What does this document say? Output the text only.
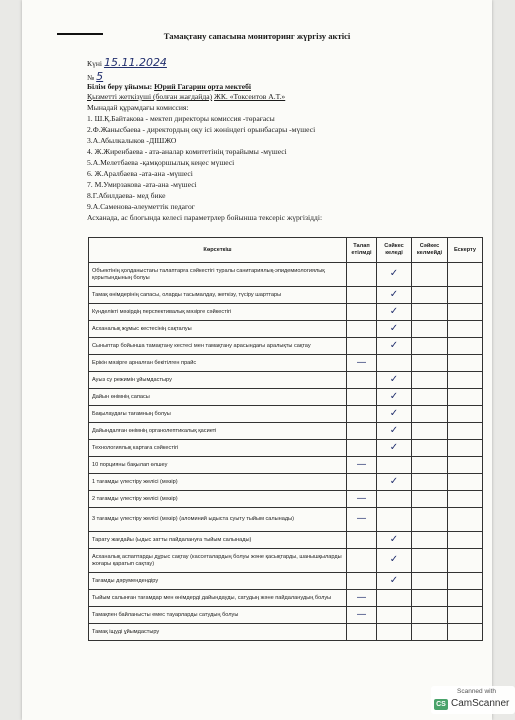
Тамақтану сапасына мониторинг жүргізу актісі
Күні 15.11.2024
№ 5
Білім беру ұйымы: Юрий Гагарин орта мектебі
Қызметті жеткізуші (болған жағдайда) ЖК. «Токсеитов А.Т.»
Мынадай құрамдағы комиссия:
1. Ш.Қ.Байтакова - мектеп директоры комиссия -төрағасы
2.Ф.Жаныcбаева - директордың оқу ісі жөніндегі орынбасары -мүшесі
3.А.Абылкалыков -ДІШЖО
4. Ж.Жиренбаева - ата-аналар комитетінің төрайымы -мүшесі
5.А.Мелетбаева -қамқоршылық кеңес мүшесі
6. Ж.Аралбаева -ата-ана -мүшесі
7. М.Умирзакова -ата-ана -мүшесі
8.Г.Абилдаева- мед бике
9.А.Саменова-әлеуметтік педагог
Асханада, ас блогында келесі параметрлер бойынша тексеріс жүргізідді:
Көрсеткіш	Талап етілмді	Сәйкес келеді	Сәйкес келмейді	Ескерту
Объектінің қолданыстағы талаптарға сәйкестігі туралы санитариялық-эпидемиологиялық қорытындының болуы		✓		
Тамақ өнімдерінің сапасы, оларды тасымалдау, жеткізу, түсіру шарттары		✓		
Күнделікті мәзірдің перспективалық мәзірге сәйкестігі		✓		
Асханалық жұмыс кестесінің сақталуы		✓		
Сыныптар бойынша тамақтану кестесі мен тамақтану арасындағы аралықты сақтау		✓		
Ерікін мәзірге арналған бекітілген прайс	—			
Ауыз су режимін ұйымдастыру		✓		
Дайын өнімнің сапасы		✓		
Бақылаудағы тағамның болуы		✓		
Дайындалған өнімнің органолептикалық қасиеті		✓		
Технологиялық картаға сәйкестігі		✓		
10 порцияны бақылап өлшеу	—			
1 тағамды үлестіру желісі (мәзір)		✓		
2 тағамды үлестіру желісі (мәзір)	—			
3 тағамды үлестіру желісі (мәзір) (аломиний ыдыста суыту тыйым салынады)	—			
Тарату жағдайы (ыдыс затты пайдалануға тыйым салынады)		✓		
Асханалық аспаптарды дұрыс сақтау (кассеталардың болуы және қасықтарды, шанышқыларды жоғары қаратып сақтау)		✓		
Тағамды дәрумендендіру		✓		
Тыйым салынған тағамдар мен өнімдерді дайындауды, сатудың және пайдаланудың болуы	—			
Тамақпен байланысты емес тауарларды сатудың болуы	—			
Тамақ іщуді ұйымдастыру				
Scanned with
CS CamScanner
